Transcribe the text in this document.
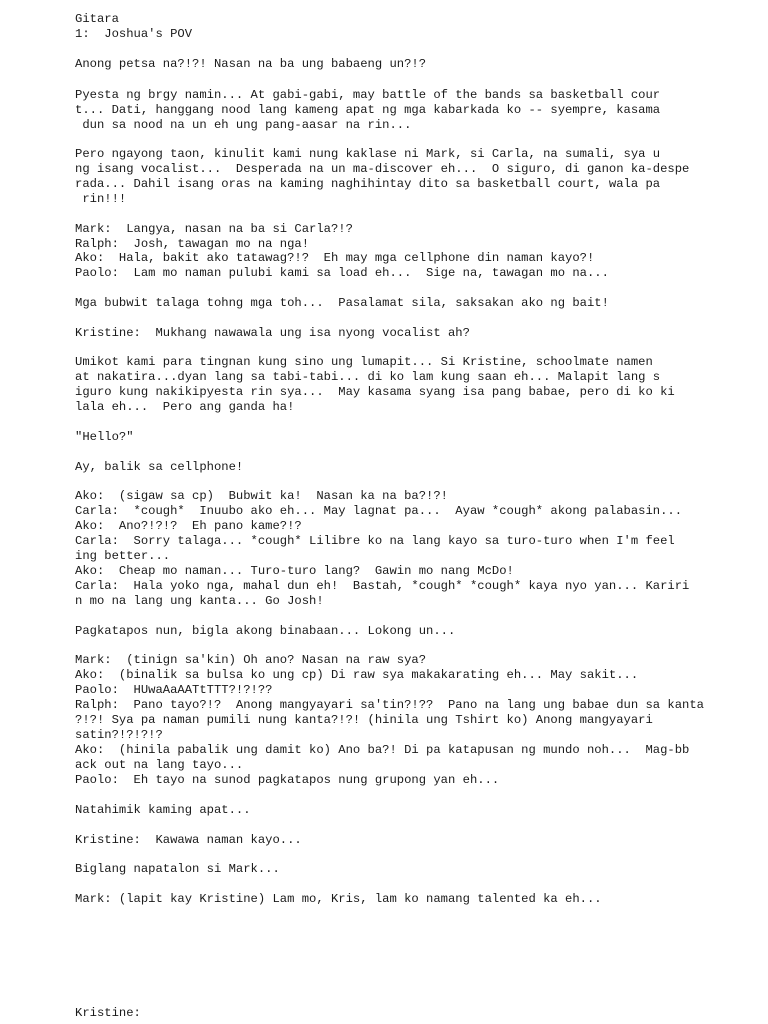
Gitara

1:  Joshua's POV

Anong petsa na?!?! Nasan na ba ung babaeng un?!?

Pyesta ng brgy namin... At gabi-gabi, may battle of the bands sa basketball cour

t... Dati, hanggang nood lang kameng apat ng mga kabarkada ko -- syempre, kasama

dun sa nood na un eh ung pang-aasar na rin...

Pero ngayong taon, kinulit kami nung kaklase ni Mark, si Carla, na sumali, sya u

ng isang vocalist...  Desperada na un ma-discover eh...  O siguro, di ganon ka-despe

rada... Dahil isang oras na kaming naghihintay dito sa basketball court, wala pa

rin!!!

Mark:  Langya, nasan na ba si Carla?!?

Ralph:  Josh, tawagan mo na nga!

Ako:  Hala, bakit ako tatawag?!?  Eh may mga cellphone din naman kayo?!

Paolo:  Lam mo naman pulubi kami sa load eh...  Sige na, tawagan mo na...

Mga bubwit talaga tohng mga toh...  Pasalamat sila, saksakan ako ng bait!

Kristine:  Mukhang nawawala ung isa nyong vocalist ah?

Umikot kami para tingnan kung sino ung lumapit... Si Kristine, schoolmate namen

at nakatira...dyan lang sa tabi-tabi... di ko lam kung saan eh... Malapit lang s

iguro kung nakikipyesta rin sya...  May kasama syang isa pang babae, pero di ko ki

lala eh...  Pero ang ganda ha!

"Hello?"

Ay, balik sa cellphone!

Ako:  (sigaw sa cp)  Bubwit ka!  Nasan ka na ba?!?!

Carla:  *cough*  Inuubo ako eh... May lagnat pa...  Ayaw *cough* akong palabasin...

Ako:  Ano?!?!?  Eh pano kame?!?

Carla:  Sorry talaga... *cough* Lilibre ko na lang kayo sa turo-turo when I'm feel

ing better...

Ako:  Cheap mo naman... Turo-turo lang?  Gawin mo nang McDo!

Carla:  Hala yoko nga, mahal dun eh!  Bastah, *cough* *cough* kaya nyo yan... Kariri

n mo na lang ung kanta... Go Josh!

Pagkatapos nun, bigla akong binabaan... Lokong un...

Mark:  (tinign sa'kin) Oh ano? Nasan na raw sya?

Ako:  (binalik sa bulsa ko ung cp) Di raw sya makakarating eh... May sakit...

Paolo:  HUwaAaAATtTTT?!?!??

Ralph:  Pano tayo?!?  Anong mangyayari sa'tin?!??  Pano na lang ung babae dun sa kanta

?!?! Sya pa naman pumili nung kanta?!?! (hinila ung Tshirt ko) Anong mangyayari

satin?!?!?!?

Ako:  (hinila pabalik ung damit ko) Ano ba?! Di pa katapusan ng mundo noh...  Mag-bb

ack out na lang tayo...

Paolo:  Eh tayo na sunod pagkatapos nung grupong yan eh...

Natahimik kaming apat...

Kristine:  Kawawa naman kayo...

Biglang napatalon si Mark...

Mark: (lapit kay Kristine) Lam mo, Kris, lam ko namang talented ka eh...

Kristine:
